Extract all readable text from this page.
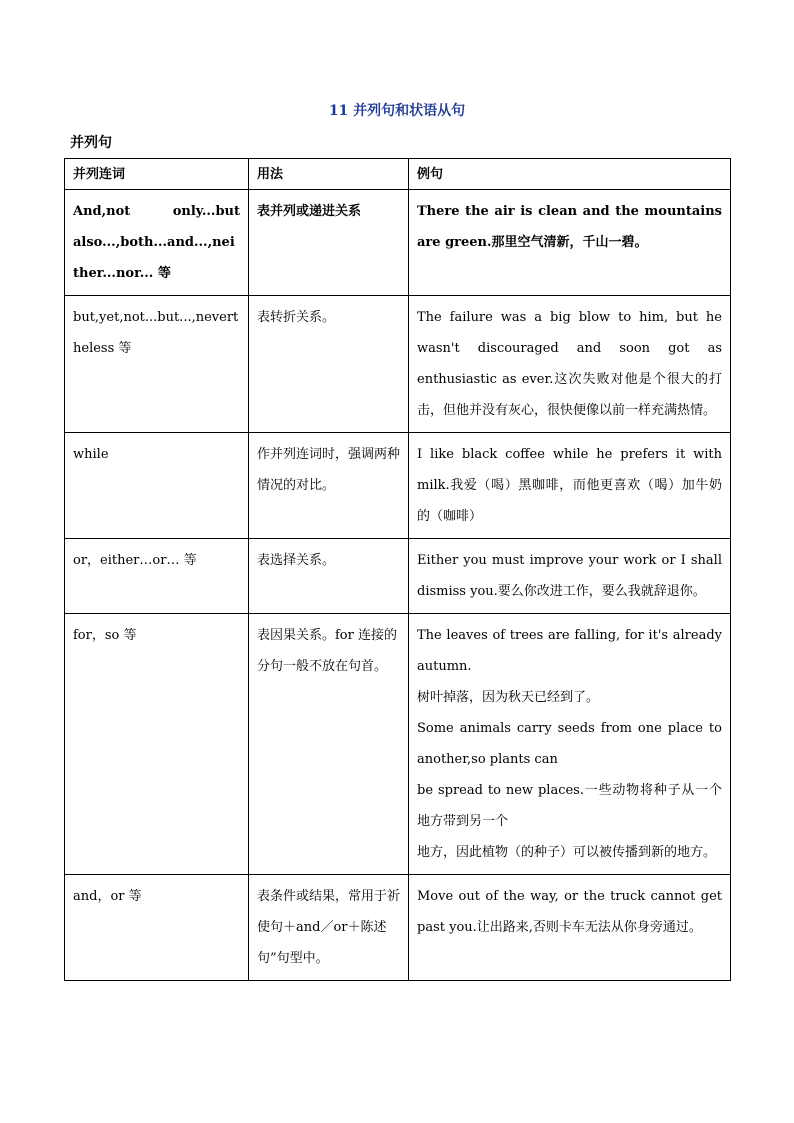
11 并列句和状语从句
并列句
并列连词	用法	例句
And,not only...but also...,both...and...,neither...nor... 等	表并列或递进关系	There the air is clean and the mountains are green.那里空气清新，千山一碧。
but,yet,not...but...,nevertheless 等	表转折关系。	The failure was a big blow to him, but he wasn't discouraged and soon got as enthusiastic as ever.这次失败对他是个很大的打击，但他并没有灰心，很快便像以前一样充满热情。
while	作并列连词时，强调两种情况的对比。	I like black coffee while he prefers it with milk.我爱（喝）黑咖啡，而他更喜欢（喝）加牛奶的（咖啡）
or，either…or… 等	表选择关系。	Either you must improve your work or I shall dismiss you.要么你改进工作，要么我就辞退你。
for，so 等	表因果关系。for 连接的分句一般不放在句首。	The leaves of trees are falling, for it's already autumn.
树叶掉落，因为秋天已经到了。
Some animals carry seeds from one place to another,so plants can
be spread to new places.一些动物将种子从一个地方带到另一个
地方，因此植物（的种子）可以被传播到新的地方。

and，or 等	表条件或结果，常用于祈使句＋and／or＋陈述句”句型中。	Move out of the way, or the truck cannot get past you.让出路来,否则卡车无法从你身旁通过。
